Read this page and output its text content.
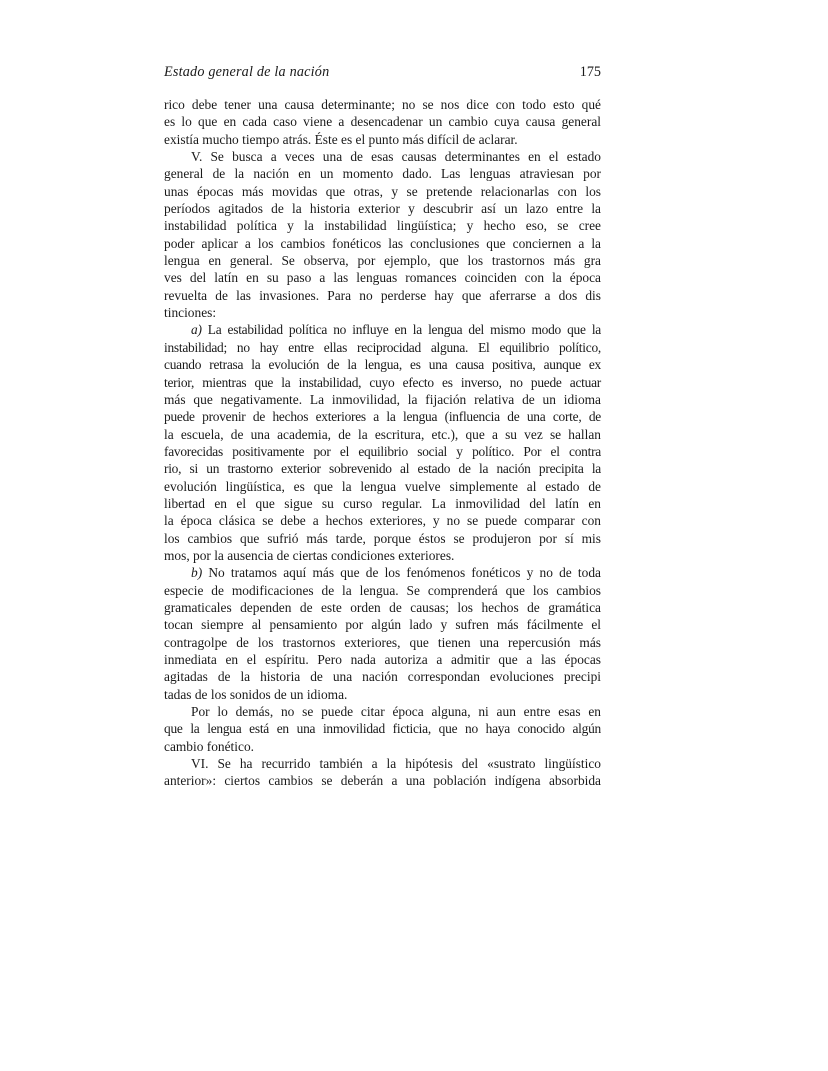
Estado general de la nación	175
rico debe tener una causa determinante; no se nos dice con todo esto qué
es lo que en cada caso viene a desencadenar un cambio cuya causa general
existía mucho tiempo atrás. Éste es el punto más difícil de aclarar.
V. Se busca a veces una de esas causas determinantes en el estado
general de la nación en un momento dado. Las lenguas atraviesan por
unas épocas más movidas que otras, y se pretende relacionarlas con los
períodos agitados de la historia exterior y descubrir así un lazo entre la
instabilidad política y la instabilidad lingüística; y hecho eso, se cree
poder aplicar a los cambios fonéticos las conclusiones que conciernen a la
lengua en general. Se observa, por ejemplo, que los trastornos más gra
ves del latín en su paso a las lenguas romances coinciden con la época
revuelta de las invasiones. Para no perderse hay que aferrarse a dos dis
tinciones:
a) La estabilidad política no influye en la lengua del mismo modo que la
instabilidad; no hay entre ellas reciprocidad alguna. El equilibrio político,
cuando retrasa la evolución de la lengua, es una causa positiva, aunque ex
terior, mientras que la instabilidad, cuyo efecto es inverso, no puede actuar
más que negativamente. La inmovilidad, la fijación relativa de un idioma
puede provenir de hechos exteriores a la lengua (influencia de una corte, de
la escuela, de una academia, de la escritura, etc.), que a su vez se hallan
favorecidas positivamente por el equilibrio social y político. Por el contra
rio, si un trastorno exterior sobrevenido al estado de la nación precipita la
evolución lingüística, es que la lengua vuelve simplemente al estado de
libertad en el que sigue su curso regular. La inmovilidad del latín en
la época clásica se debe a hechos exteriores, y no se puede comparar con
los cambios que sufrió más tarde, porque éstos se produjeron por sí mis
mos, por la ausencia de ciertas condiciones exteriores.
b) No tratamos aquí más que de los fenómenos fonéticos y no de toda
especie de modificaciones de la lengua. Se comprenderá que los cambios
gramaticales dependen de este orden de causas; los hechos de gramática
tocan siempre al pensamiento por algún lado y sufren más fácilmente el
contragolpe de los trastornos exteriores, que tienen una repercusión más
inmediata en el espíritu. Pero nada autoriza a admitir que a las épocas
agitadas de la historia de una nación correspondan evoluciones precipi
tadas de los sonidos de un idioma.
Por lo demás, no se puede citar época alguna, ni aun entre esas en
que la lengua está en una inmovilidad ficticia, que no haya conocido algún
cambio fonético.
VI. Se ha recurrido también a la hipótesis del «sustrato lingüístico
anterior»: ciertos cambios se deberán a una población indígena absorbida
